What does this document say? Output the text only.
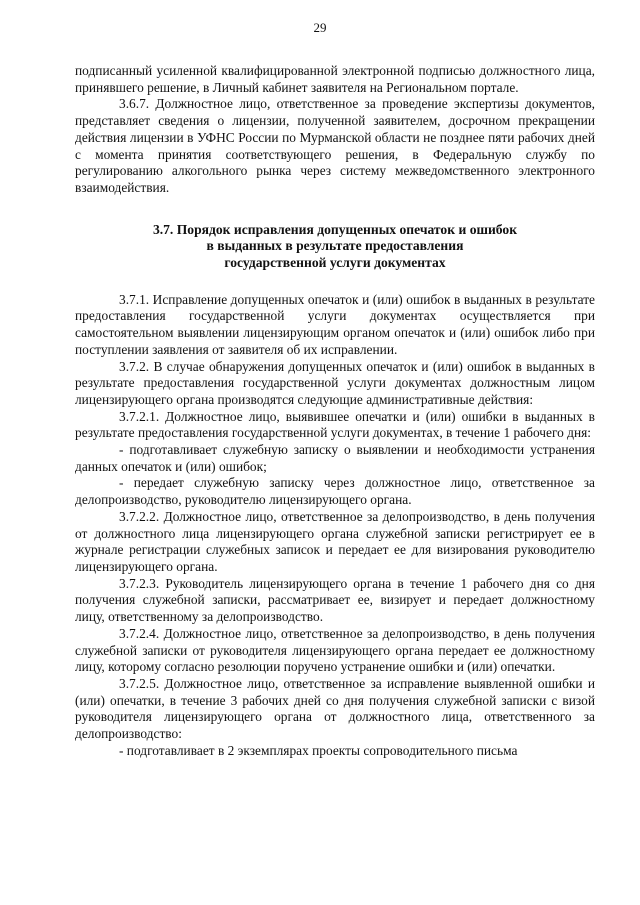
29

подписанный усиленной квалифицированной электронной подписью должностного лица, принявшего решение, в Личный кабинет заявителя на Региональном портале.

3.6.7. Должностное лицо, ответственное за проведение экспертизы документов, представляет сведения о лицензии, полученной заявителем, досрочном прекращении действия лицензии в УФНС России по Мурманской области не позднее пяти рабочих дней с момента принятия соответствующего решения, в Федеральную службу по регулированию алкогольного рынка через систему межведомственного электронного взаимодействия.

3.7. Порядок исправления допущенных опечаток и ошибок
в выданных в результате предоставления
государственной услуги документах

3.7.1. Исправление допущенных опечаток и (или) ошибок в выданных в результате предоставления государственной услуги документах осуществляется при самостоятельном выявлении лицензирующим органом опечаток и (или) ошибок либо при поступлении заявления от заявителя об их исправлении.

3.7.2. В случае обнаружения допущенных опечаток и (или) ошибок в выданных в результате предоставления государственной услуги документах должностным лицом лицензирующего органа производятся следующие административные действия:

3.7.2.1. Должностное лицо, выявившее опечатки и (или) ошибки в выданных в результате предоставления государственной услуги документах, в течение 1 рабочего дня:

- подготавливает служебную записку о выявлении и необходимости устранения данных опечаток и (или) ошибок;

- передает служебную записку через должностное лицо, ответственное за делопроизводство, руководителю лицензирующего органа.

3.7.2.2. Должностное лицо, ответственное за делопроизводство, в день получения от должностного лица лицензирующего органа служебной записки регистрирует ее в журнале регистрации служебных записок и передает ее для визирования руководителю лицензирующего органа.

3.7.2.3. Руководитель лицензирующего органа в течение 1 рабочего дня со дня получения служебной записки, рассматривает ее, визирует и передает должностному лицу, ответственному за делопроизводство.

3.7.2.4. Должностное лицо, ответственное за делопроизводство, в день получения служебной записки от руководителя лицензирующего органа передает ее должностному лицу, которому согласно резолюции поручено устранение ошибки и (или) опечатки.

3.7.2.5. Должностное лицо, ответственное за исправление выявленной ошибки и (или) опечатки, в течение 3 рабочих дней со дня получения служебной записки с визой руководителя лицензирующего органа от должностного лица, ответственного за делопроизводство:

- подготавливает в 2 экземплярах проекты сопроводительного письма
